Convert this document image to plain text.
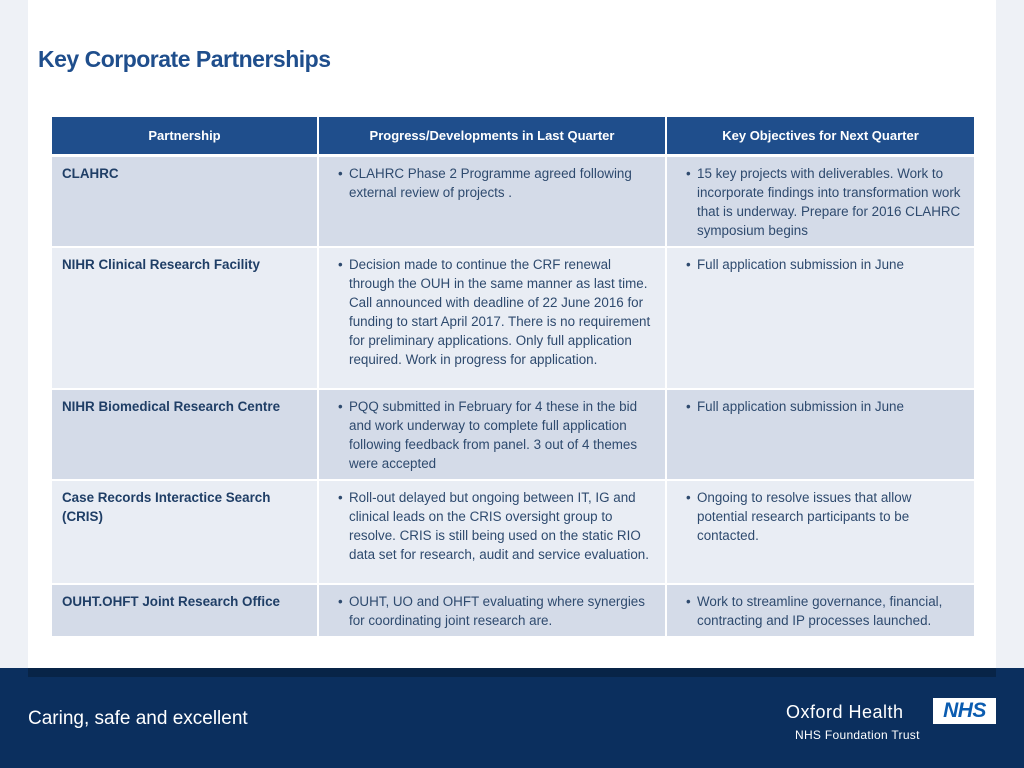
Key Corporate Partnerships
Partnership	Progress/Developments in Last Quarter	Key Objectives for Next Quarter
CLAHRC	• CLAHRC Phase 2 Programme agreed following external review of projects .	• 15 key projects with deliverables. Work to incorporate findings into transformation work that is underway. Prepare for 2016 CLAHRC symposium begins

NIHR Clinical Research Facility	• Decision made to continue the CRF renewal through the OUH in the same manner as last time. Call announced with deadline of 22 June 2016 for funding to start April 2017. There is no requirement for preliminary applications. Only full application required. Work in progress for application.	• Full application submission in June

NIHR Biomedical Research Centre	• PQQ submitted in February for 4 these in the bid and work underway to complete full application following feedback from panel. 3 out of 4 themes were accepted	• Full application submission in June

Case Records Interactice Search (CRIS)	• Roll-out delayed but ongoing between IT, IG and clinical leads on the CRIS oversight group to resolve. CRIS is still being used on the static RIO data set for research, audit and service evaluation.	• Ongoing to resolve issues that allow potential research participants to be contacted.

OUHT.OHFT Joint Research Office	• OUHT, UO and OHFT evaluating where synergies for coordinating joint research are.	• Work to streamline governance, financial, contracting and IP processes launched.
Caring, safe and excellent	Oxford Health
NHS Foundation Trust
NHS
